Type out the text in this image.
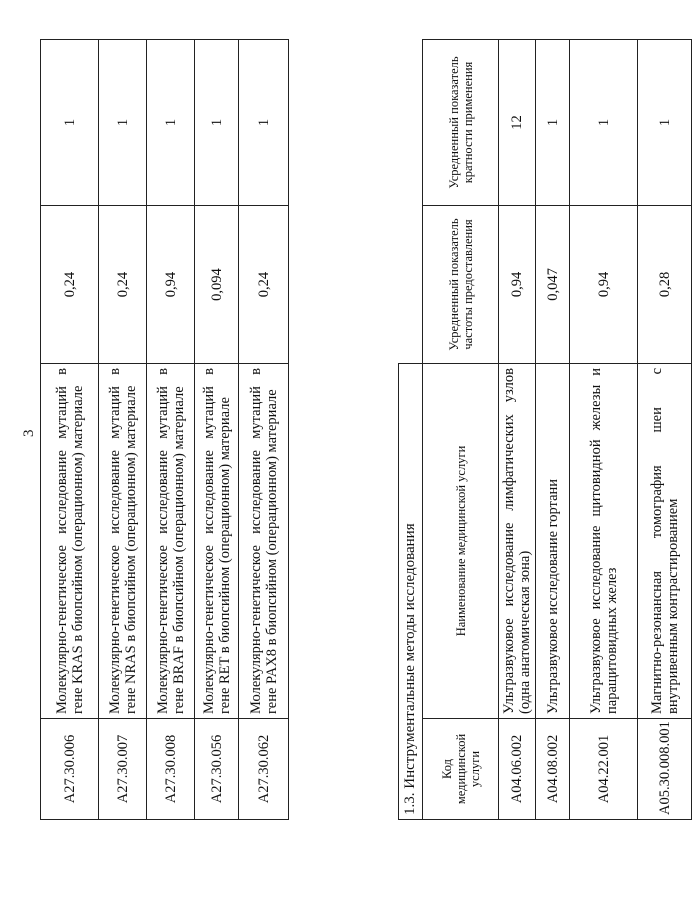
3
A27.30.006	Молекулярно-генетическое исследование мутаций в гене KRAS в биопсийном (операционном) материале	0,24	1
A27.30.007	Молекулярно-генетическое исследование мутаций в гене NRAS в биопсийном (операционном) материале	0,24	1
A27.30.008	Молекулярно-генетическое исследование мутаций в гене BRAF в биопсийном (операционном) материале	0,94	1
A27.30.056	Молекулярно-генетическое исследование мутаций в гене RET в биопсийном (операционном) материале	0,094	1
A27.30.062	Молекулярно-генетическое исследование мутаций в гене PAX8 в биопсийном (операционном) материале	0,24	1
1.3. Инструментальные методы исследования			
Код медицинской услуги	Наименование медицинской услуги	Усредненный показатель частоты предоставления	Усредненный показатель кратности применения
A04.06.002	Ультразвуковое исследование лимфатических узлов (одна анатомическая зона)	0,94	12
A04.08.002	Ультразвуковое исследование гортани	0,047	1
A04.22.001	Ультразвуковое исследование щитовидной железы и паращитовидных желез	0,94	1
A05.30.008.001	Магнитно-резонансная томография шеи с внутривенным контрастированием	0,28	1
